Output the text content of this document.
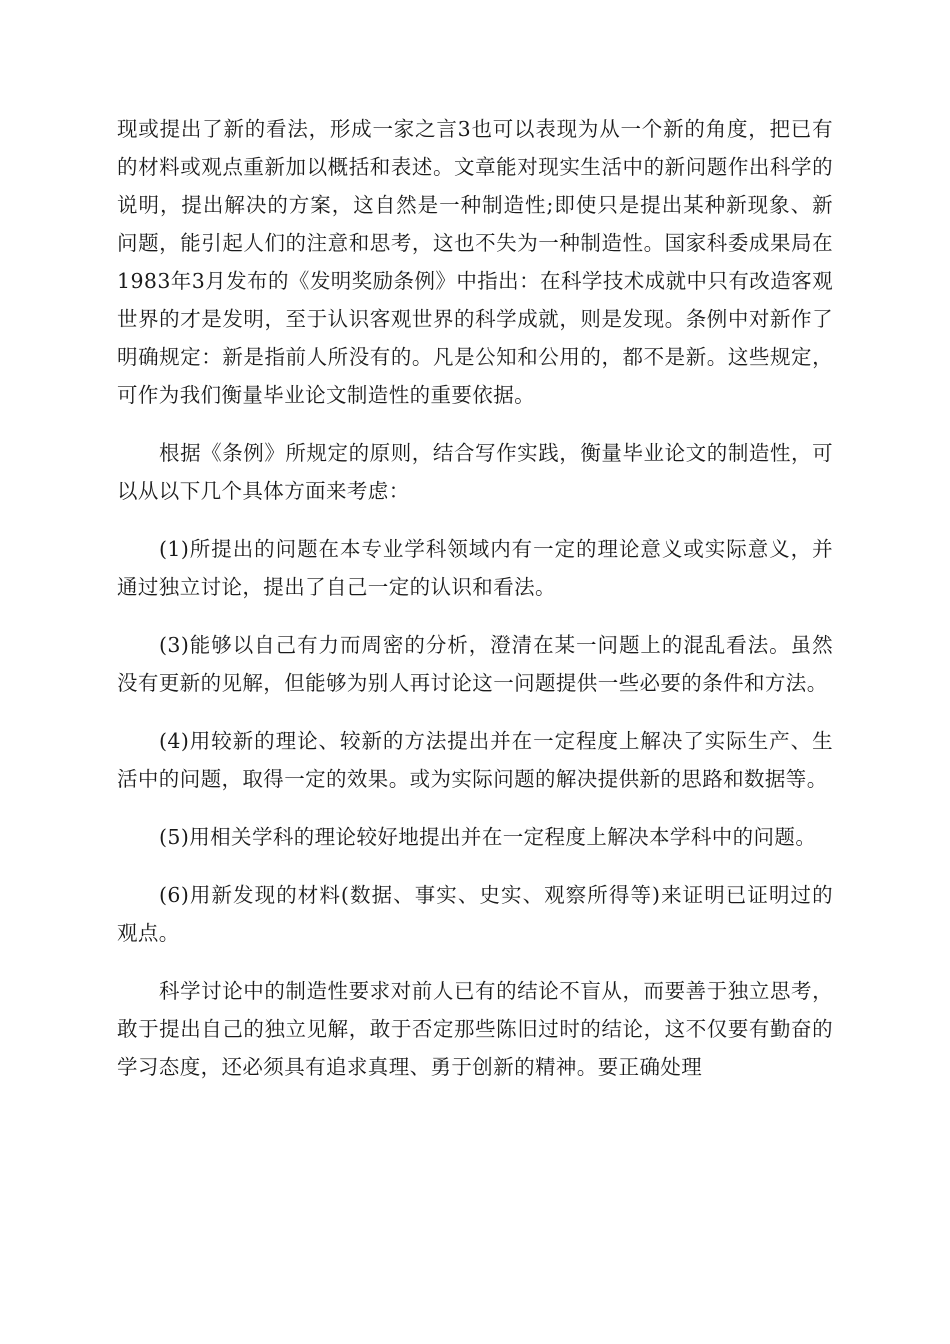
现或提出了新的看法，形成一家之言3也可以表现为从一个新的角度，把已有的材料或观点重新加以概括和表述。文章能对现实生活中的新问题作出科学的说明，提出解决的方案，这自然是一种制造性;即使只是提出某种新现象、新问题，能引起人们的注意和思考，这也不失为一种制造性。国家科委成果局在1983年3月发布的《发明奖励条例》中指出：在科学技术成就中只有改造客观世界的才是发明，至于认识客观世界的科学成就，则是发现。条例中对新作了明确规定：新是指前人所没有的。凡是公知和公用的，都不是新。这些规定，可作为我们衡量毕业论文制造性的重要依据。

根据《条例》所规定的原则，结合写作实践，衡量毕业论文的制造性，可以从以下几个具体方面来考虑：

(1)所提出的问题在本专业学科领域内有一定的理论意义或实际意义，并通过独立讨论，提出了自己一定的认识和看法。

(3)能够以自己有力而周密的分析，澄清在某一问题上的混乱看法。虽然没有更新的见解，但能够为别人再讨论这一问题提供一些必要的条件和方法。

(4)用较新的理论、较新的方法提出并在一定程度上解决了实际生产、生活中的问题，取得一定的效果。或为实际问题的解决提供新的思路和数据等。

(5)用相关学科的理论较好地提出并在一定程度上解决本学科中的问题。

(6)用新发现的材料(数据、事实、史实、观察所得等)来证明已证明过的观点。

科学讨论中的制造性要求对前人已有的结论不盲从，而要善于独立思考，敢于提出自己的独立见解，敢于否定那些陈旧过时的结论，这不仅要有勤奋的学习态度，还必须具有追求真理、勇于创新的精神。要正确处理
